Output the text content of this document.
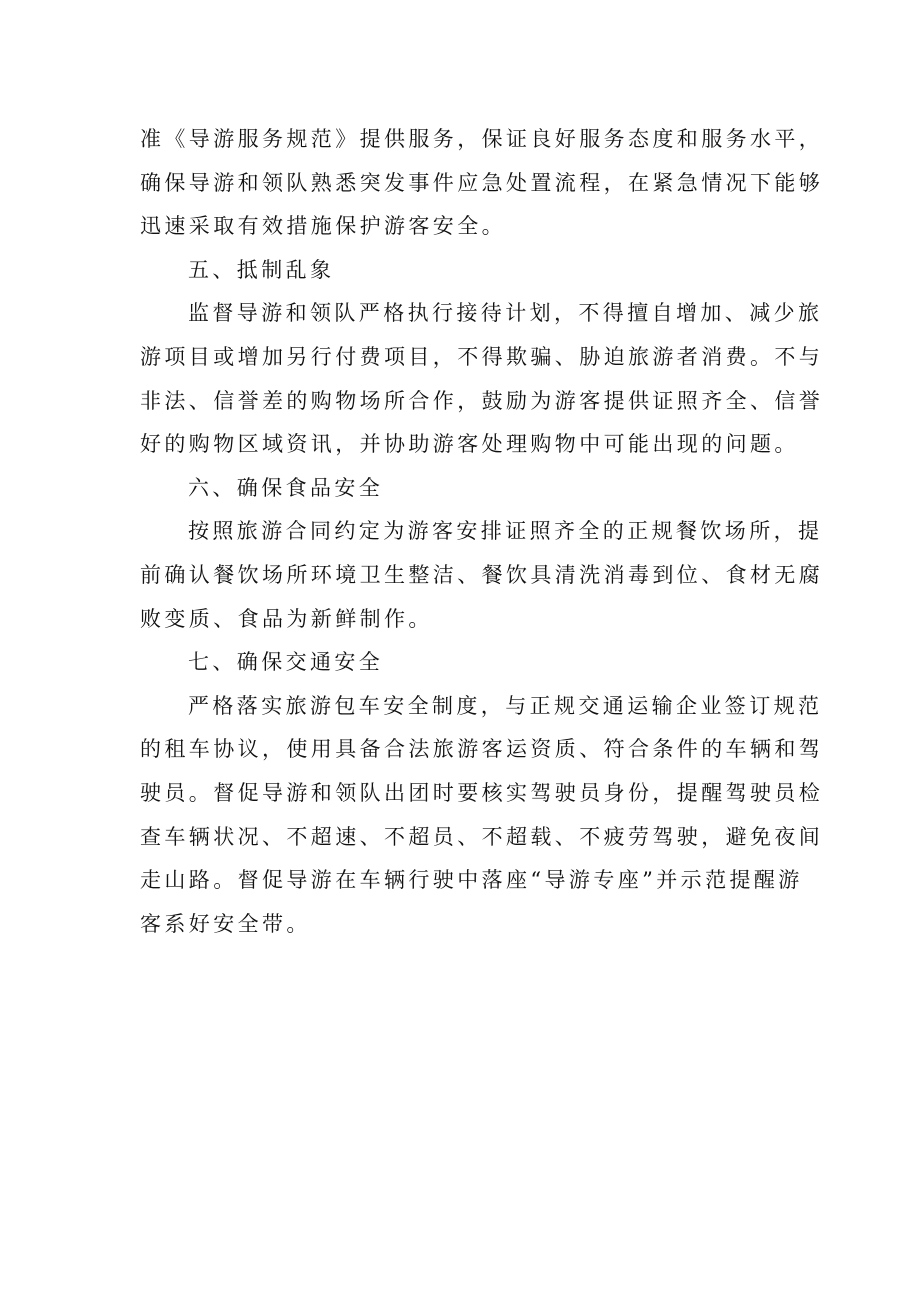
准《导游服务规范》提供服务，保证良好服务态度和服务水平，
确保导游和领队熟悉突发事件应急处置流程，在紧急情况下能够
迅速采取有效措施保护游客安全。
五、抵制乱象
监督导游和领队严格执行接待计划，不得擅自增加、减少旅
游项目或增加另行付费项目，不得欺骗、胁迫旅游者消费。不与
非法、信誉差的购物场所合作，鼓励为游客提供证照齐全、信誉
好的购物区域资讯，并协助游客处理购物中可能出现的问题。
六、确保食品安全
按照旅游合同约定为游客安排证照齐全的正规餐饮场所，提
前确认餐饮场所环境卫生整洁、餐饮具清洗消毒到位、食材无腐
败变质、食品为新鲜制作。
七、确保交通安全
严格落实旅游包车安全制度，与正规交通运输企业签订规范
的租车协议，使用具备合法旅游客运资质、符合条件的车辆和驾
驶员。督促导游和领队出团时要核实驾驶员身份，提醒驾驶员检
查车辆状况、不超速、不超员、不超载、不疲劳驾驶，避免夜间
走山路。督促导游在车辆行驶中落座“导游专座”并示范提醒游
客系好安全带。
